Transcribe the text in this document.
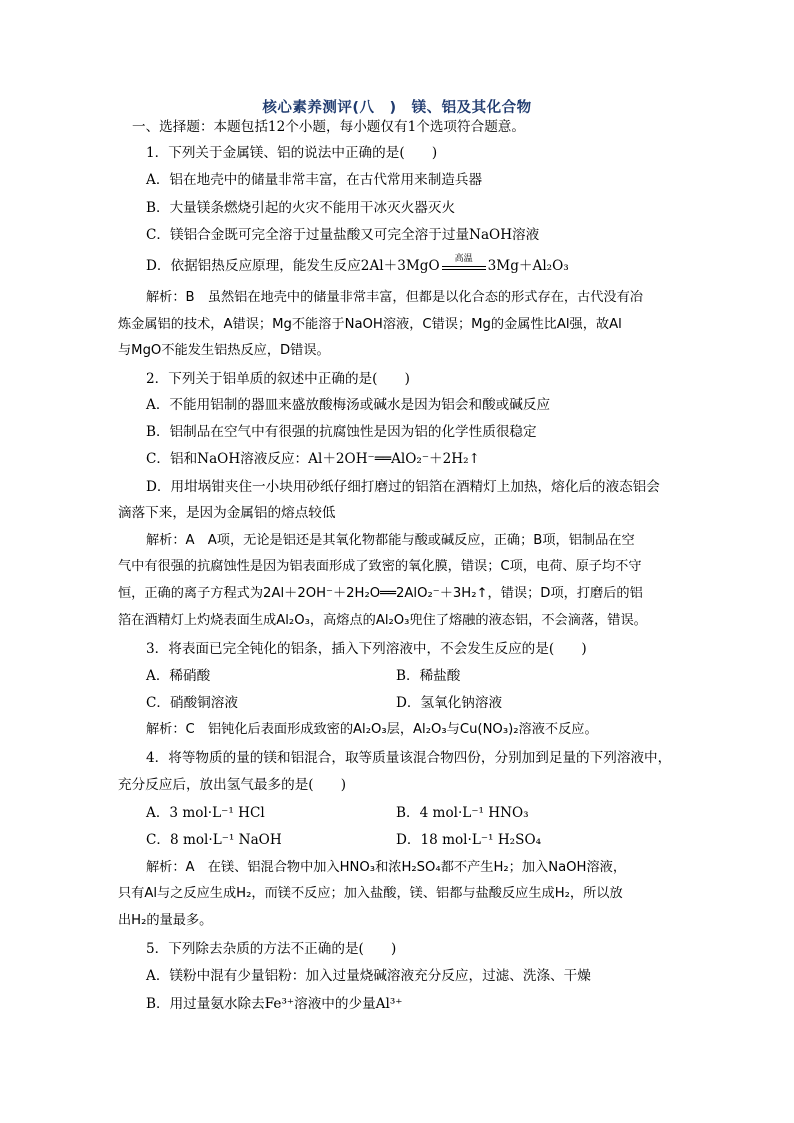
核心素养测评(八　)　镁、铝及其化合物
一、选择题：本题包括12个小题，每小题仅有1个选项符合题意。
1．下列关于金属镁、铝的说法中正确的是(　　)
A．铝在地壳中的储量非常丰富，在古代常用来制造兵器
B．大量镁条燃烧引起的火灾不能用干冰灭火器灭火
C．镁铝合金既可完全溶于过量盐酸又可完全溶于过量NaOH溶液
D．依据铝热反应原理，能发生反应2Al＋3MgO	高温	3Mg＋Al₂O₃
解析：B　虽然铝在地壳中的储量非常丰富，但都是以化合态的形式存在，古代没有冶
炼金属铝的技术，A错误；Mg不能溶于NaOH溶液，C错误；Mg的金属性比Al强，故Al
与MgO不能发生铝热反应，D错误。
2．下列关于铝单质的叙述中正确的是(　　)
A．不能用铝制的器皿来盛放酸梅汤或碱水是因为铝会和酸或碱反应
B．铝制品在空气中有很强的抗腐蚀性是因为铝的化学性质很稳定
C．铝和NaOH溶液反应：Al＋2OH⁻══AlO₂⁻＋2H₂↑
D．用坩埚钳夹住一小块用砂纸仔细打磨过的铝箔在酒精灯上加热，熔化后的液态铝会
滴落下来，是因为金属铝的熔点较低
解析：A　A项，无论是铝还是其氧化物都能与酸或碱反应，正确；B项，铝制品在空
气中有很强的抗腐蚀性是因为铝表面形成了致密的氧化膜，错误；C项，电荷、原子均不守
恒，正确的离子方程式为2Al＋2OH⁻＋2H₂O══2AlO₂⁻＋3H₂↑，错误；D项，打磨后的铝
箔在酒精灯上灼烧表面生成Al₂O₃，高熔点的Al₂O₃兜住了熔融的液态铝，不会滴落，错误。
3．将表面已完全钝化的铝条，插入下列溶液中，不会发生反应的是(　　)
A．稀硝酸	B．稀盐酸
C．硝酸铜溶液	D．氢氧化钠溶液
解析：C　铝钝化后表面形成致密的Al₂O₃层，Al₂O₃与Cu(NO₃)₂溶液不反应。
4．将等物质的量的镁和铝混合，取等质量该混合物四份，分别加到足量的下列溶液中，
充分反应后，放出氢气最多的是(　　)
A．3 mol·L⁻¹ HCl	B．4 mol·L⁻¹ HNO₃
C．8 mol·L⁻¹ NaOH	D．18 mol·L⁻¹ H₂SO₄
解析：A　在镁、铝混合物中加入HNO₃和浓H₂SO₄都不产生H₂；加入NaOH溶液，
只有Al与之反应生成H₂，而镁不反应；加入盐酸，镁、铝都与盐酸反应生成H₂，所以放
出H₂的量最多。
5．下列除去杂质的方法不正确的是(　　)
A．镁粉中混有少量铝粉：加入过量烧碱溶液充分反应，过滤、洗涤、干燥
B．用过量氨水除去Fe³⁺溶液中的少量Al³⁺
